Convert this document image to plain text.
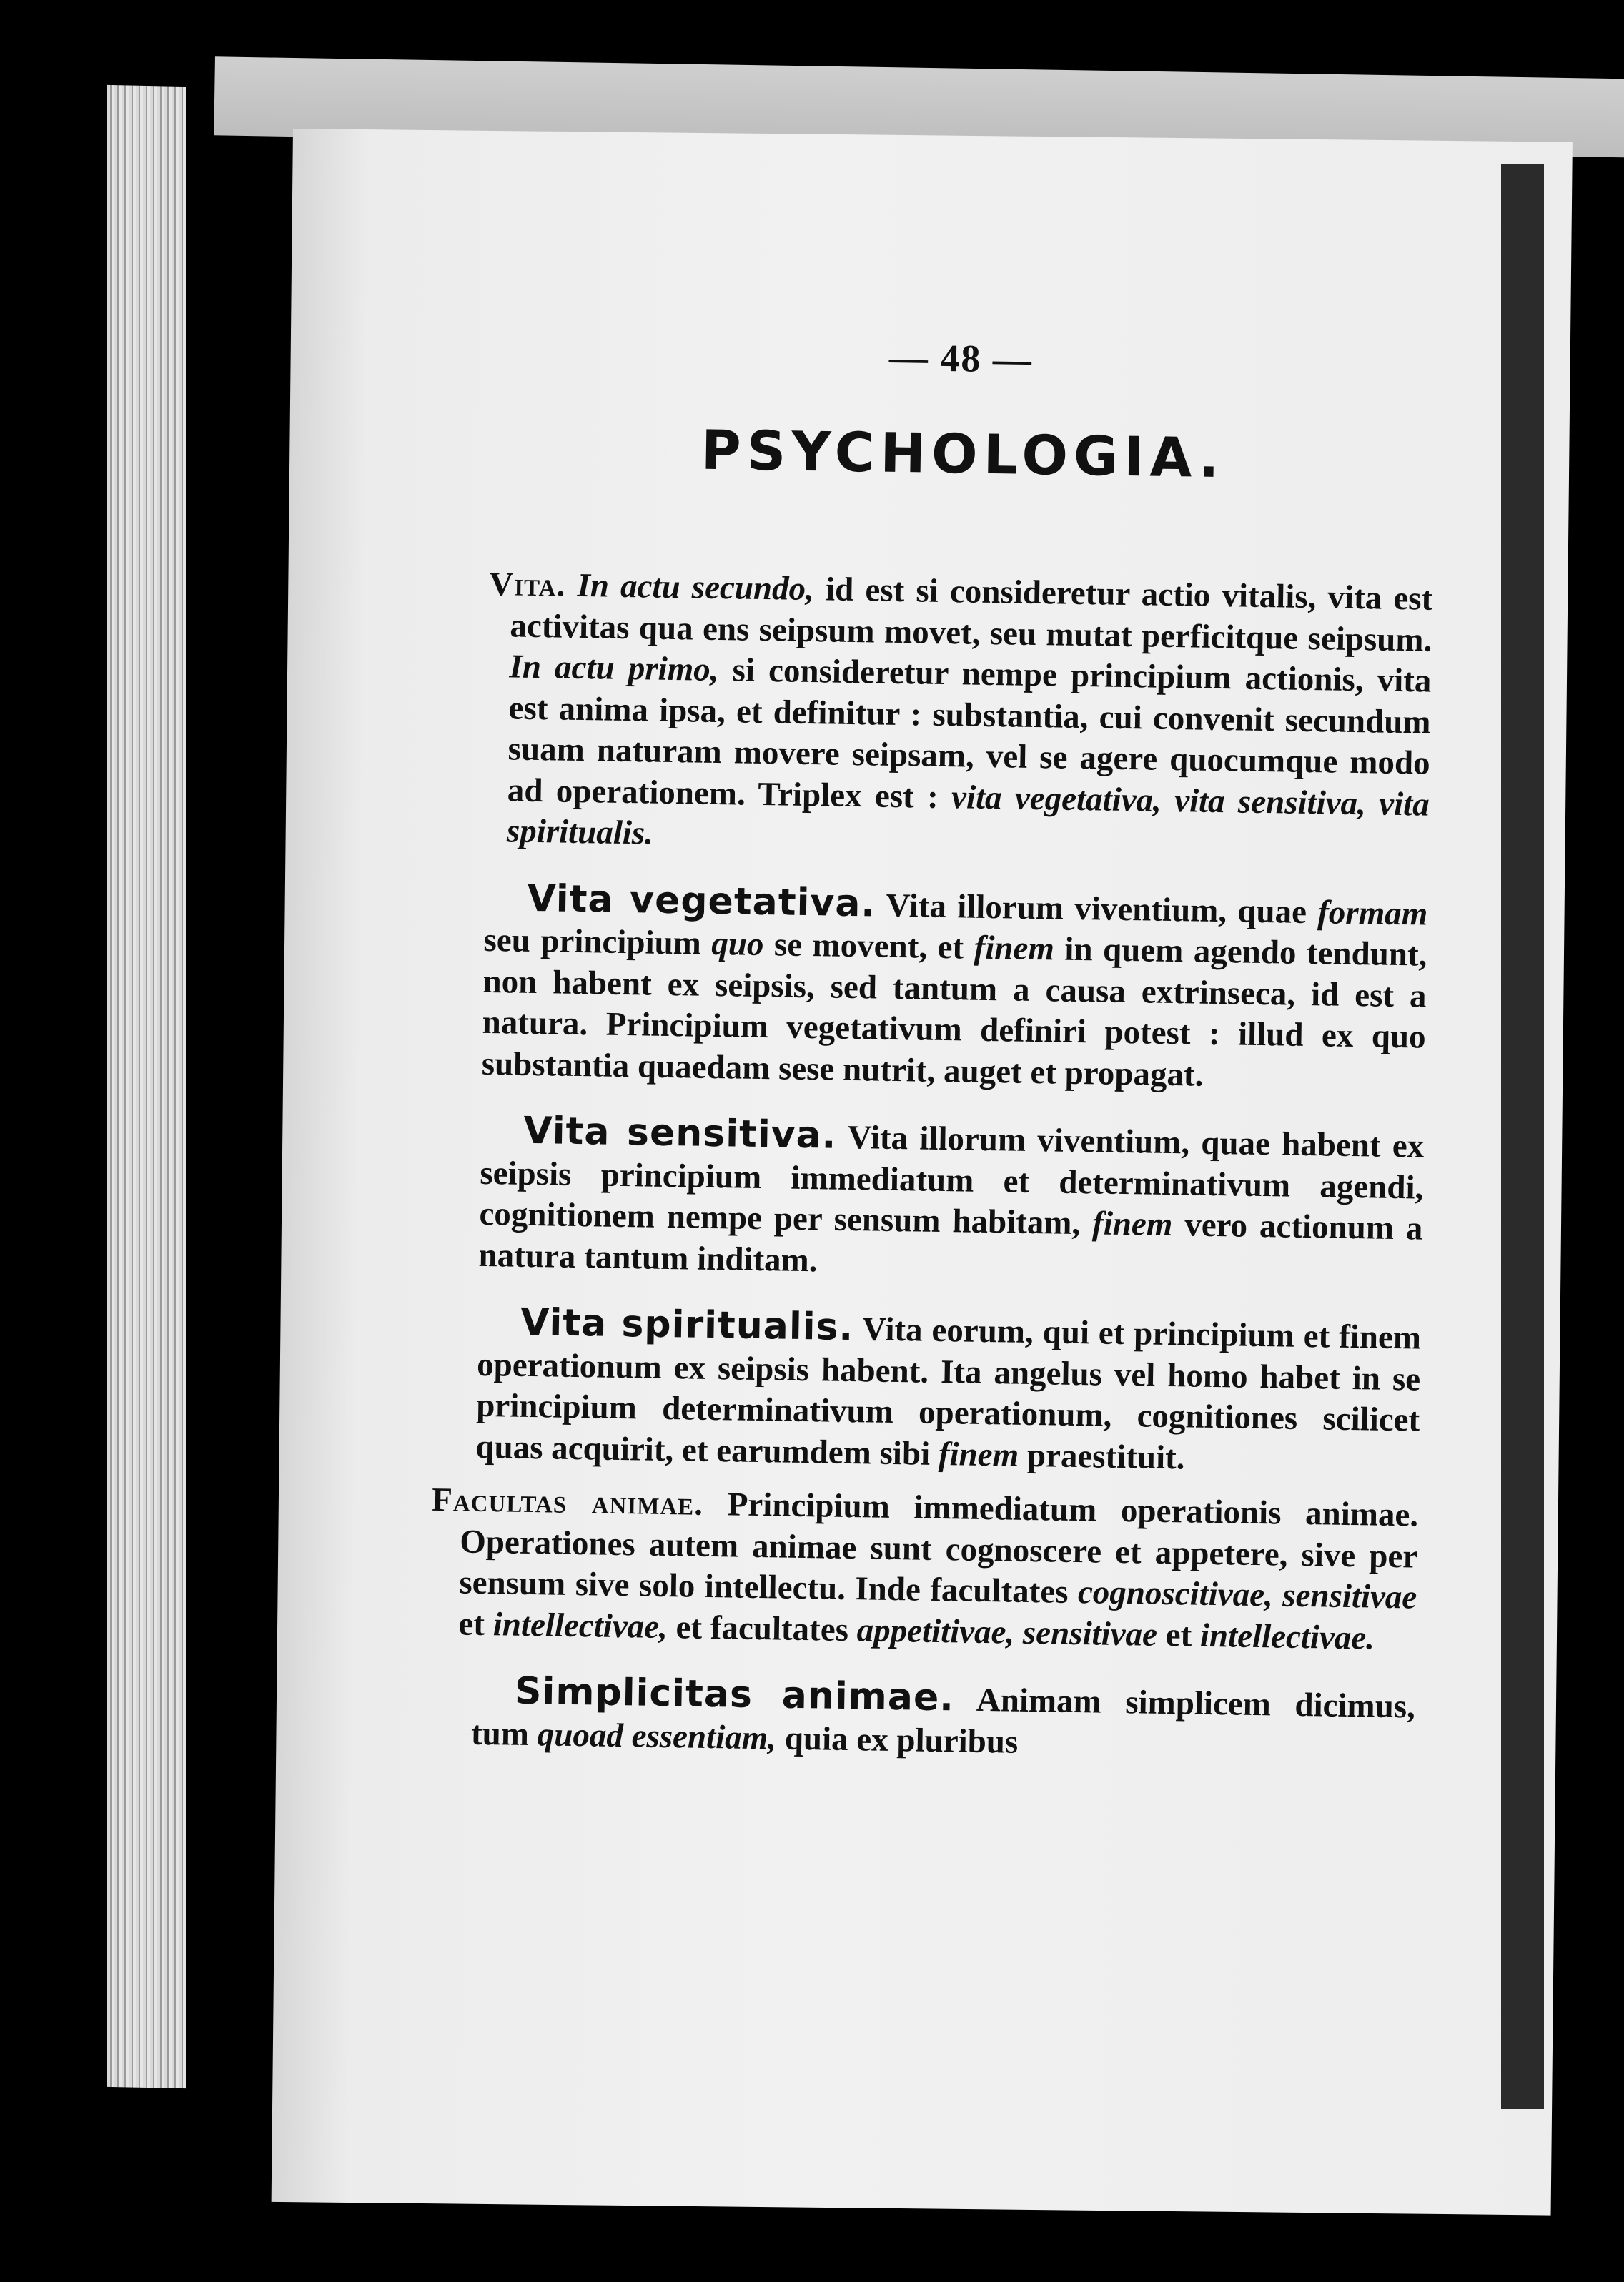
— 48 —
PSYCHOLOGIA.

Vita. In actu secundo, id est si consideretur actio vitalis, vita est activitas qua ens seipsum movet, seu mutat perficitque seipsum. In actu primo, si consideretur nempe principium actionis, vita est anima ipsa, et definitur : substantia, cui convenit secundum suam naturam movere seipsam, vel se agere quocumque modo ad operationem. Triplex est : vita vegetativa, vita sensitiva, vita spiritualis.

Vita vegetativa. Vita illorum viventium, quae formam seu principium quo se movent, et finem in quem agendo tendunt, non habent ex seipsis, sed tantum a causa extrinseca, id est a natura. Principium vegetativum definiri potest : illud ex quo substantia quaedam sese nutrit, auget et propagat.

Vita sensitiva. Vita illorum viventium, quae habent ex seipsis principium immediatum et determinativum agendi, cognitionem nempe per sensum habitam, finem vero actionum a natura tantum inditam.

Vita spiritualis. Vita eorum, qui et principium et finem operationum ex seipsis habent. Ita angelus vel homo habet in se principium determinativum operationum, cognitiones scilicet quas acquirit, et earumdem sibi finem praestituit.

Facultas animae. Principium immediatum operationis animae. Operationes autem animae sunt cognoscere et appetere, sive per sensum sive solo intellectu. Inde facultates cognoscitivae, sensitivae et intellectivae, et facultates appetitivae, sensitivae et intellectivae.

Simplicitas animae. Animam simplicem dicimus, tum quoad essentiam, quia ex pluribus
